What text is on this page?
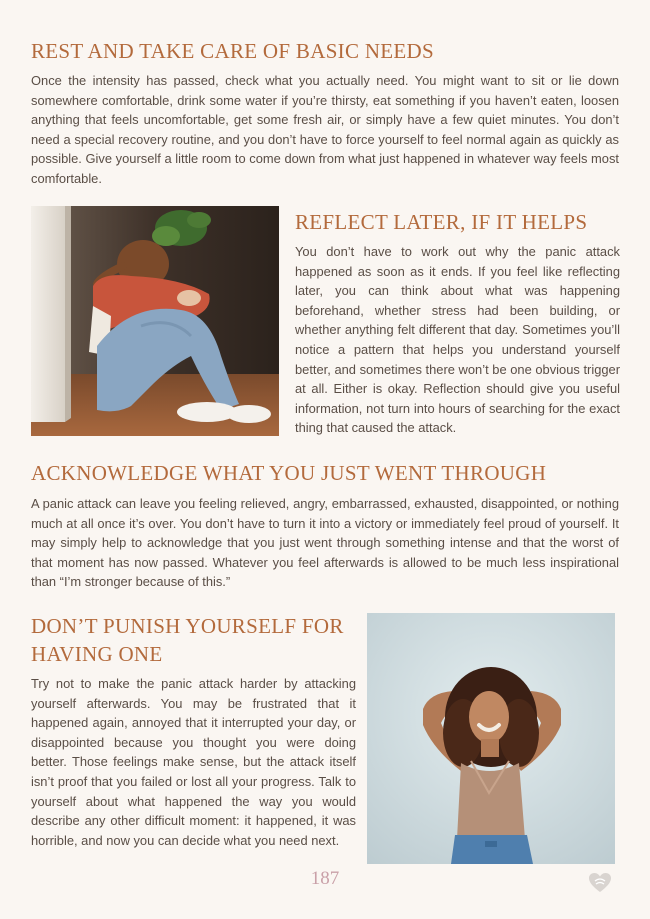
REST AND TAKE CARE OF BASIC NEEDS

Once the intensity has passed, check what you actually need. You might want to sit or lie down somewhere comfortable, drink some water if you’re thirsty, eat something if you haven’t eaten, loosen anything that feels uncomfortable, get some fresh air, or simply have a few quiet minutes. You don’t need a special recovery routine, and you don’t have to force yourself to feel normal again as quickly as possible. Give yourself a little room to come down from what just happened in whatever way feels most comfortable.

REFLECT LATER, IF IT HELPS

You don’t have to work out why the panic attack happened as soon as it ends. If you feel like reflecting later, you can think about what was happening beforehand, whether stress had been building, or whether anything felt different that day. Sometimes you’ll notice a pattern that helps you understand yourself better, and sometimes there won’t be one obvious trigger at all. Either is okay. Reflection should give you useful information, not turn into hours of searching for the exact thing that caused the attack.

ACKNOWLEDGE WHAT YOU JUST WENT THROUGH

A panic attack can leave you feeling relieved, angry, embarrassed, exhausted, disappointed, or nothing much at all once it’s over. You don’t have to turn it into a victory or immediately feel proud of yourself. It may simply help to acknowledge that you just went through something intense and that the worst of that moment has now passed. Whatever you feel afterwards is allowed to be much less inspirational than “I’m stronger because of this.”

DON’T PUNISH YOURSELF FOR HAVING ONE

Try not to make the panic attack harder by attacking yourself afterwards. You may be frustrated that it happened again, annoyed that it interrupted your day, or disappointed because you thought you were doing better. Those feelings make sense, but the attack itself isn’t proof that you failed or lost all your progress. Talk to yourself about what happened the way you would describe any other difficult moment: it happened, it was horrible, and now you can decide what you need next.

187
